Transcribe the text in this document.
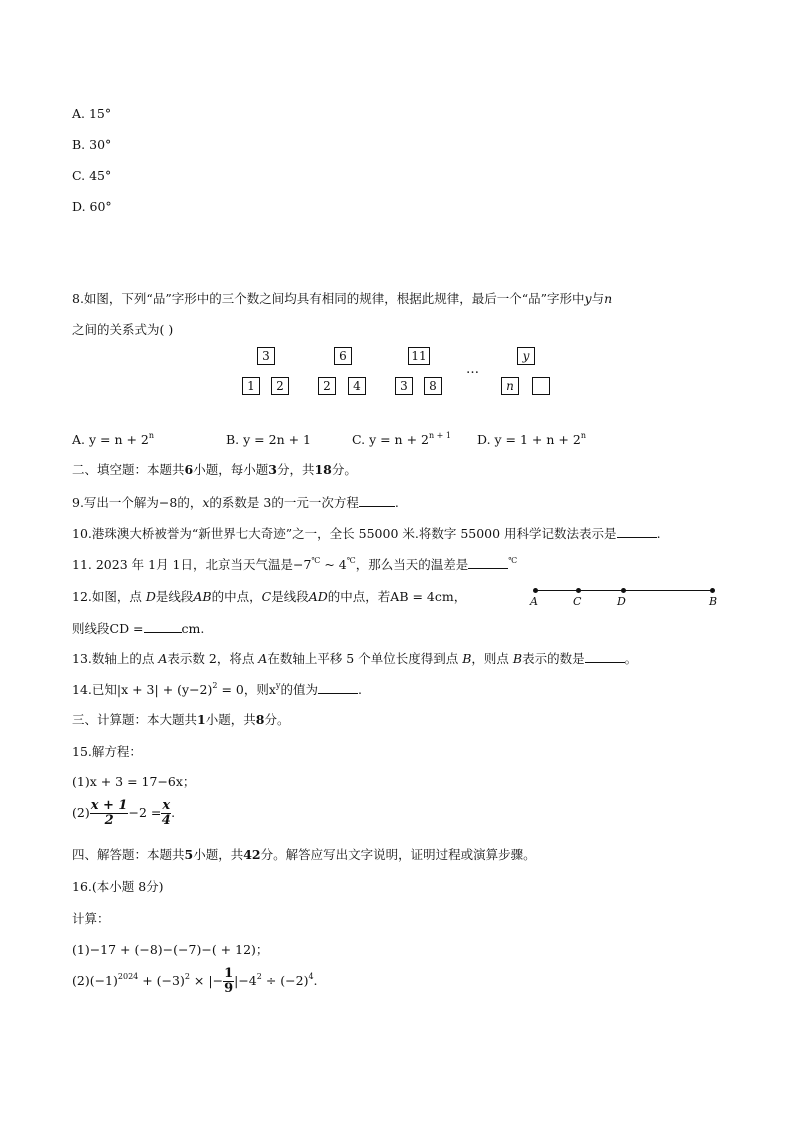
A. 15°
B. 30°
C. 45°
D. 60°
8.如图，下列“品”字形中的三个数之间均具有相同的规律，根据此规律，最后一个“品”字形中y与n
之间的关系式为( )
3	6	11	y
1	2	2	4	3	8	n
…
A. $y = n + 2^n$	B. y = 2n + 1	C. $y = n + 2^{n + 1}$ D. $y = 1 + n + 2^n$
二、填空题：本题共6小题，每小题3分，共18分。
9.写出一个解为−8的，x的系数是 3的一元一次方程	.
10.港珠澳大桥被誉为“新世界七大奇迹”之一，全长 55000 米.将数字 55000 用科学记数法表示是	.
11. 2023 年 1月 1日，北京当天气温是−7℃ ~ 4℃，那么当天的温差是	℃
12.如图，点 D是线段AB的中点，C是线段AD的中点，若AB = 4cm，	A	C	D	B
则线段CD =	cm.
13.数轴上的点 A表示数 2，将点 A在数轴上平移 5 个单位长度得到点 B，则点 B表示的数是	。
14.已知$|x + 3| + (y-2)^2 = 0$，则$x^y$的值为	.
三、计算题：本大题共1小题，共8分。
15.解方程：
(1)x + 3 = 17−6x；
$(2) \frac{x + 1}{2} -2 = \frac{x}{4}$ .
四、解答题：本题共5小题，共42分。解答应写出文字说明，证明过程或演算步骤。
16.(本小题 8分)
计算：
(1)−17 + (−8)−(−7)−( + 12)；
$(2)(-1)^{2024} + (-3)^2$ × |− $\frac{1}{9} |-4^2 \div (-2)^4$.
